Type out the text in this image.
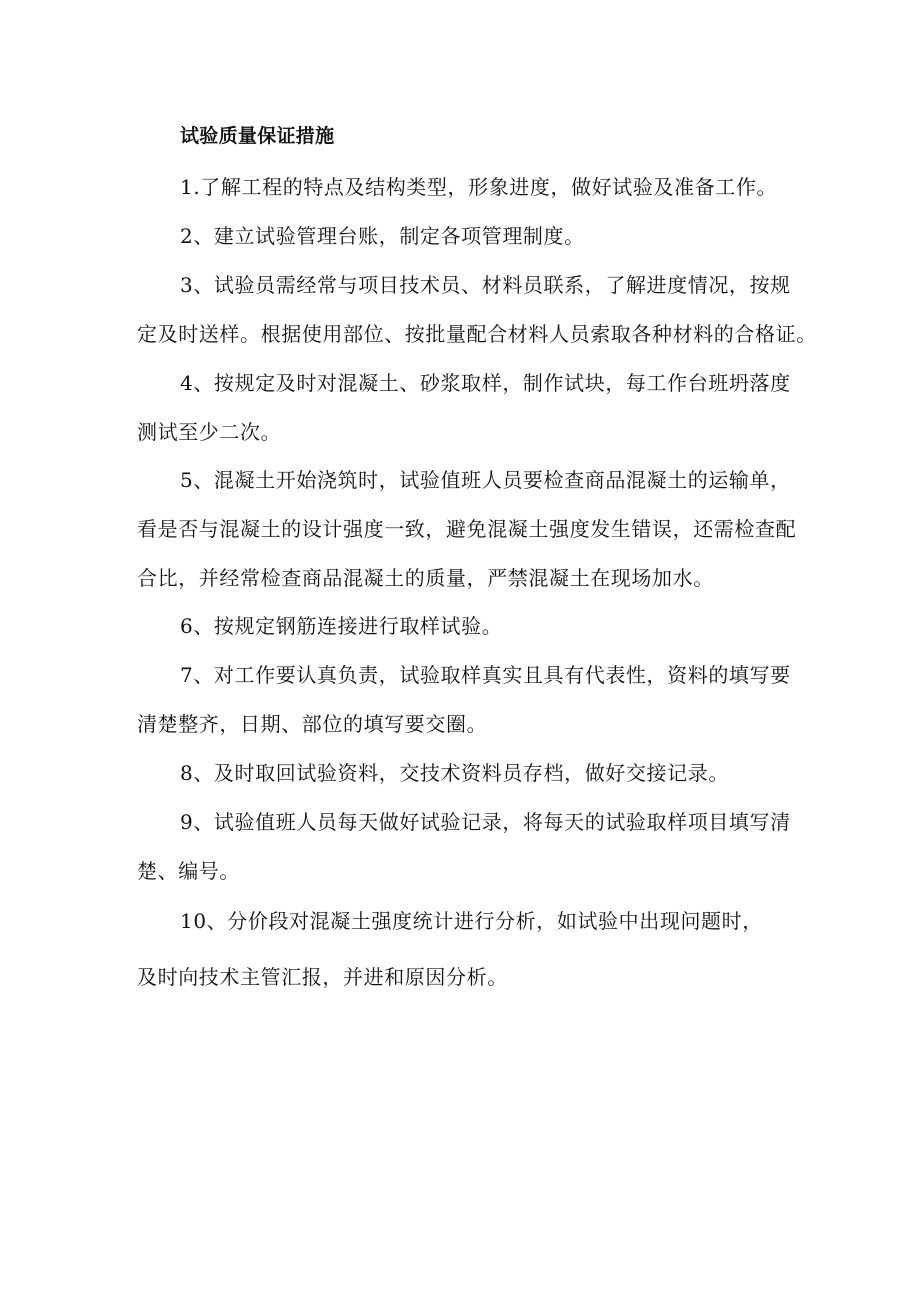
试验质量保证措施
1.了解工程的特点及结构类型，形象进度，做好试验及准备工作。
2、建立试验管理台账，制定各项管理制度。
3、试验员需经常与项目技术员、材料员联系，了解进度情况，按规
定及时送样。根据使用部位、按批量配合材料人员索取各种材料的合格证。
4、按规定及时对混凝土、砂浆取样，制作试块，每工作台班坍落度
测试至少二次。
5、混凝土开始浇筑时，试验值班人员要检查商品混凝土的运输单，
看是否与混凝土的设计强度一致，避免混凝土强度发生错误，还需检查配
合比，并经常检查商品混凝土的质量，严禁混凝土在现场加水。
6、按规定钢筋连接进行取样试验。
7、对工作要认真负责，试验取样真实且具有代表性，资料的填写要
清楚整齐，日期、部位的填写要交圈。
8、及时取回试验资料，交技术资料员存档，做好交接记录。
9、试验值班人员每天做好试验记录，将每天的试验取样项目填写清
楚、编号。
10、分价段对混凝土强度统计进行分析，如试验中出现问题时，
及时向技术主管汇报，并进和原因分析。
